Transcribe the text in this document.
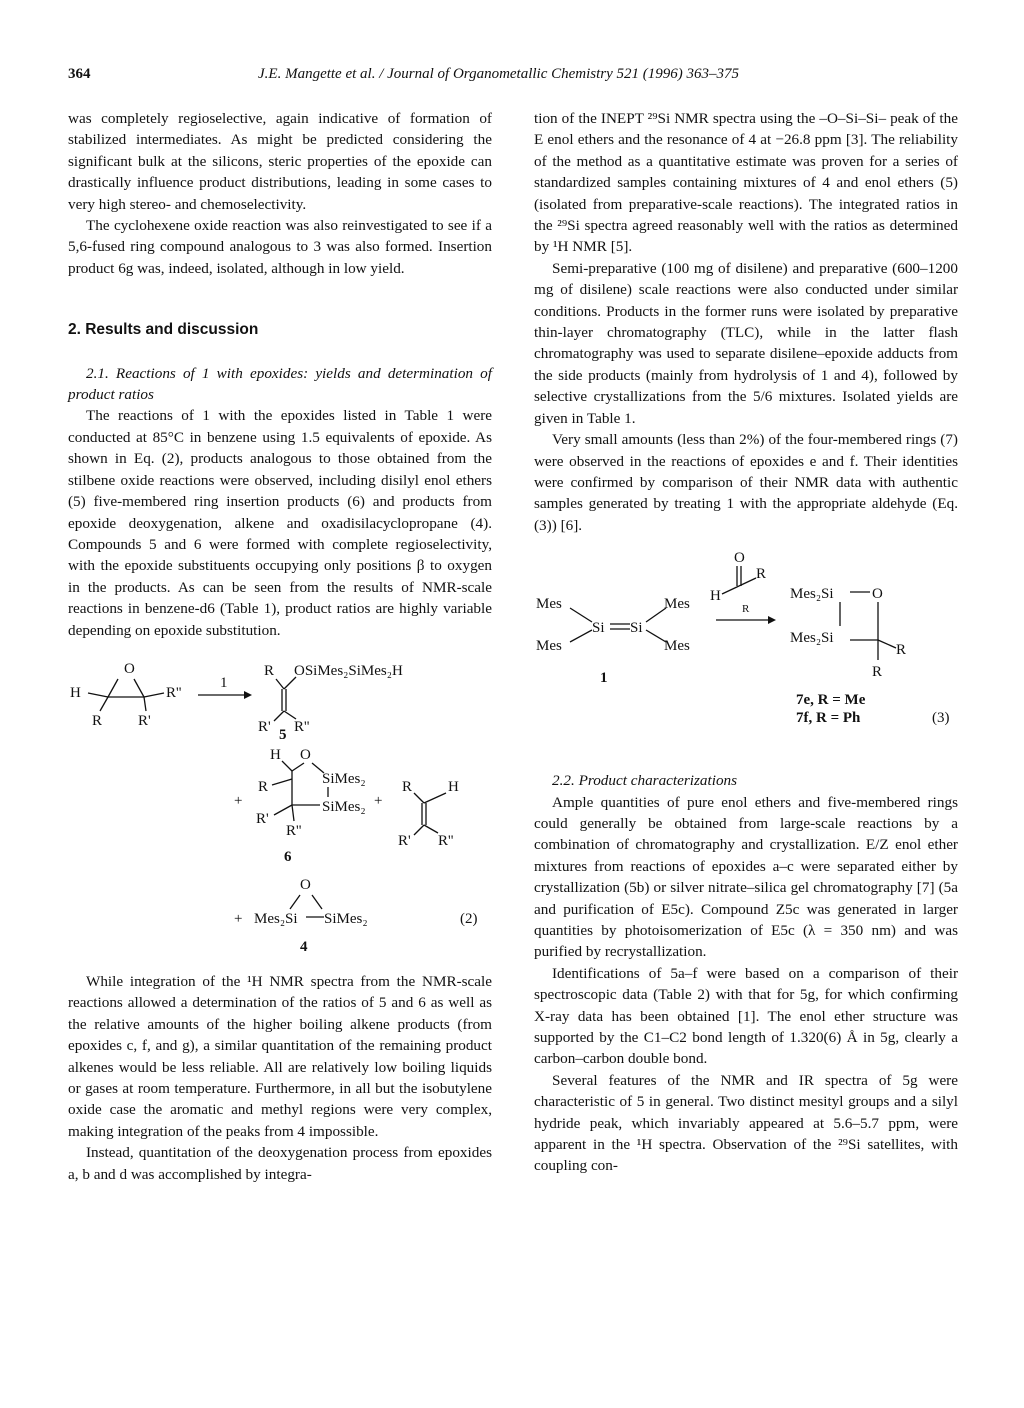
364	J.E. Mangette et al. / Journal of Organometallic Chemistry 521 (1996) 363–375

was completely regioselective, again indicative of formation of stabilized intermediates. As might be predicted considering the significant bulk at the silicons, steric properties of the epoxide can drastically influence product distributions, leading in some cases to very high stereo- and chemoselectivity.

The cyclohexene oxide reaction was also reinvestigated to see if a 5,6-fused ring compound analogous to 3 was also formed. Insertion product 6g was, indeed, isolated, although in low yield.

2. Results and discussion

2.1. Reactions of 1 with epoxides: yields and determination of product ratios

The reactions of 1 with the epoxides listed in Table 1 were conducted at 85°C in benzene using 1.5 equivalents of epoxide. As shown in Eq. (2), products analogous to those obtained from the stilbene oxide reactions were observed, including disilyl enol ethers (5) five-membered ring insertion products (6) and products from epoxide deoxygenation, alkene and oxadisilacyclopropane (4). Compounds 5 and 6 were formed with complete regioselectivity, with the epoxide substituents occupying only positions β to oxygen in the products. As can be seen from the results of NMR-scale reactions in benzene-d6 (Table 1), product ratios are highly variable depending on epoxide substitution.

O
H
R R'
R''
1
R OSiMes₂SiMes₂H
R' R''
5
+
H O
SiMes₂
SiMes₂
R
R'
R''
6
+
R H
R' R''
O
+ Mes₂Si SiMes₂
4
(2)

While integration of the ¹H NMR spectra from the NMR-scale reactions allowed a determination of the ratios of 5 and 6 as well as the relative amounts of the higher boiling alkene products (from epoxides c, f, and g), a similar quantitation of the remaining product alkenes would be less reliable. All are relatively low boiling liquids or gases at room temperature. Furthermore, in all but the isobutylene oxide case the aromatic and methyl regions were very complex, making integration of the peaks from 4 impossible.

Instead, quantitation of the deoxygenation process from epoxides a, b and d was accomplished by integra-

tion of the INEPT ²⁹Si NMR spectra using the –O–Si–Si– peak of the E enol ethers and the resonance of 4 at −26.8 ppm [3]. The reliability of the method as a quantitative estimate was proven for a series of standardized samples containing mixtures of 4 and enol ethers (5) (isolated from preparative-scale reactions). The integrated ratios in the ²⁹Si spectra agreed reasonably well with the ratios as determined by ¹H NMR [5].

Semi-preparative (100 mg of disilene) and preparative (600–1200 mg of disilene) scale reactions were also conducted under similar conditions. Products in the former runs were isolated by preparative thin-layer chromatography (TLC), while in the latter flash chromatography was used to separate disilene–epoxide adducts from the side products (mainly from hydrolysis of 1 and 4), followed by selective crystallizations from the 5/6 mixtures. Isolated yields are given in Table 1.

Very small amounts (less than 2%) of the four-membered rings (7) were observed in the reactions of epoxides e and f. Their identities were confirmed by comparison of their NMR data with authentic samples generated by treating 1 with the appropriate aldehyde (Eq. (3)) [6].

Mes
Mes
Si Si
Mes
Mes
1
O
H
R
R
Mes₂Si	O
Mes₂Si
R
R
7e, R = Me
7f, R = Ph	(3)

2.2. Product characterizations

Ample quantities of pure enol ethers and five-membered rings could generally be obtained from large-scale reactions by a combination of chromatography and crystallization. E/Z enol ether mixtures from reactions of epoxides a–c were separated either by crystallization (5b) or silver nitrate–silica gel chromatography [7] (5a and purification of E5c). Compound Z5c was generated in larger quantities by photoisomerization of E5c (λ = 350 nm) and was purified by recrystallization.

Identifications of 5a–f were based on a comparison of their spectroscopic data (Table 2) with that for 5g, for which confirming X-ray data has been obtained [1]. The enol ether structure was supported by the C1–C2 bond length of 1.320(6) Å in 5g, clearly a carbon–carbon double bond.

Several features of the NMR and IR spectra of 5g were characteristic of 5 in general. Two distinct mesityl groups and a silyl hydride peak, which invariably appeared at 5.6–5.7 ppm, were apparent in the ¹H spectra. Observation of the ²⁹Si satellites, with coupling con-
